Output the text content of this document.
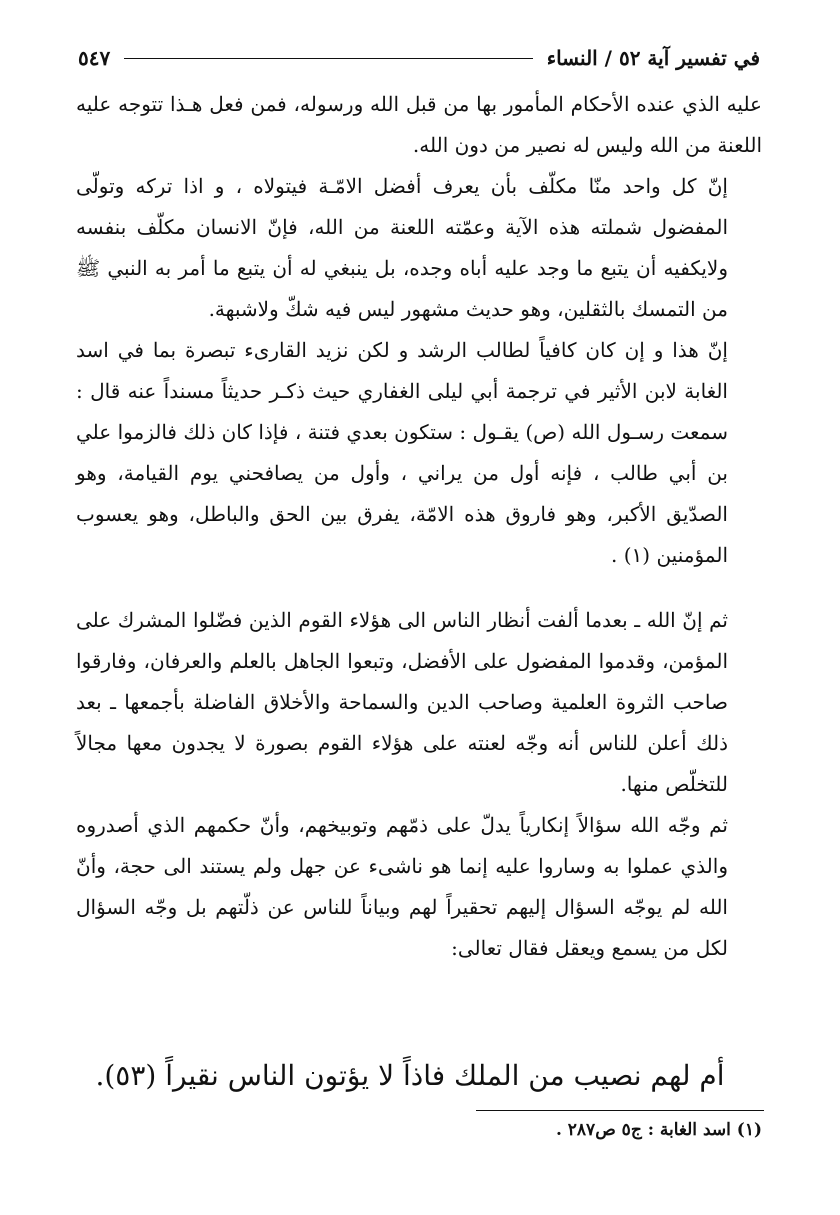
في تفسير آية ٥٢ / النساء
٥٤٧

عليه الذي عنده الأحكام المأمور بها من قبل الله ورسوله، فمن فعل هـذا تتوجه عليه اللعنة من الله وليس له نصير من دون الله.

إنّ كل واحد منّا مكلّف بأن يعرف أفضل الامّـة فيتولاه ، و اذا ترکه وتولّى المفضول شملته هذه الآية وعمّته اللعنة من الله، فإنّ الانسان مكلّف بنفسه ولايكفيه أن يتبع ما وجد عليه أباه وجده، بل ينبغي له أن يتبع ما أمر به النبي ﷺ من التمسك بالثقلين، وهو حديث مشهور ليس فيه شكّ ولاشبهة.

إنّ هذا و إن كان كافياً لطالب الرشد و لكن نزيد القارىء تبصرة بما في اسد الغابة لابن الأثير في ترجمة أبي ليلى الغفاري حيث ذكـر حديثاً مسنداً عنه قال : سمعت رسـول الله (ص) يقـول : ستكون بعدي فتنة ، فإذا كان ذلك فالزموا علي بن أبي طالب ، فإنه أول من يراني ، وأول من يصافحني يوم القيامة، وهو الصدّيق الأكبر، وهو فاروق هذه الامّة، يفرق بين الحق والباطل، وهو يعسوب المؤمنين (١) .

ثم إنّ الله ـ بعدما ألفت أنظار الناس الى هؤلاء القوم الذين فضّلوا المشرك على المؤمن، وقدموا المفضول على الأفضل، وتبعوا الجاهل بالعلم والعرفان، وفارقوا صاحب الثروة العلمية وصاحب الدين والسماحة والأخلاق الفاضلة بأجمعها ـ بعد ذلك أعلن للناس أنه وجّه لعنته على هؤلاء القوم بصورة لا يجدون معها مجالاً للتخلّص منها.

ثم وجّه الله سؤالاً إنكارياً يدلّ على ذمّهم وتوبيخهم، وأنّ حكمهم الذي أصدروه والذي عملوا به وساروا عليه إنما هو ناشىء عن جهل ولم يستند الى حجة، وأنّ الله لم يوجّه السؤال إليهم تحقيراً لهم وبياناً للناس عن ذلّتهم بل وجّه السؤال لكل من يسمع ويعقل فقال تعالى:

أم لهم نصيب من الملك فاذاً لا يؤتون الناس نقيراً (٥٣).
(١) اسد الغابة : ج٥ ص٢٨٧ .
